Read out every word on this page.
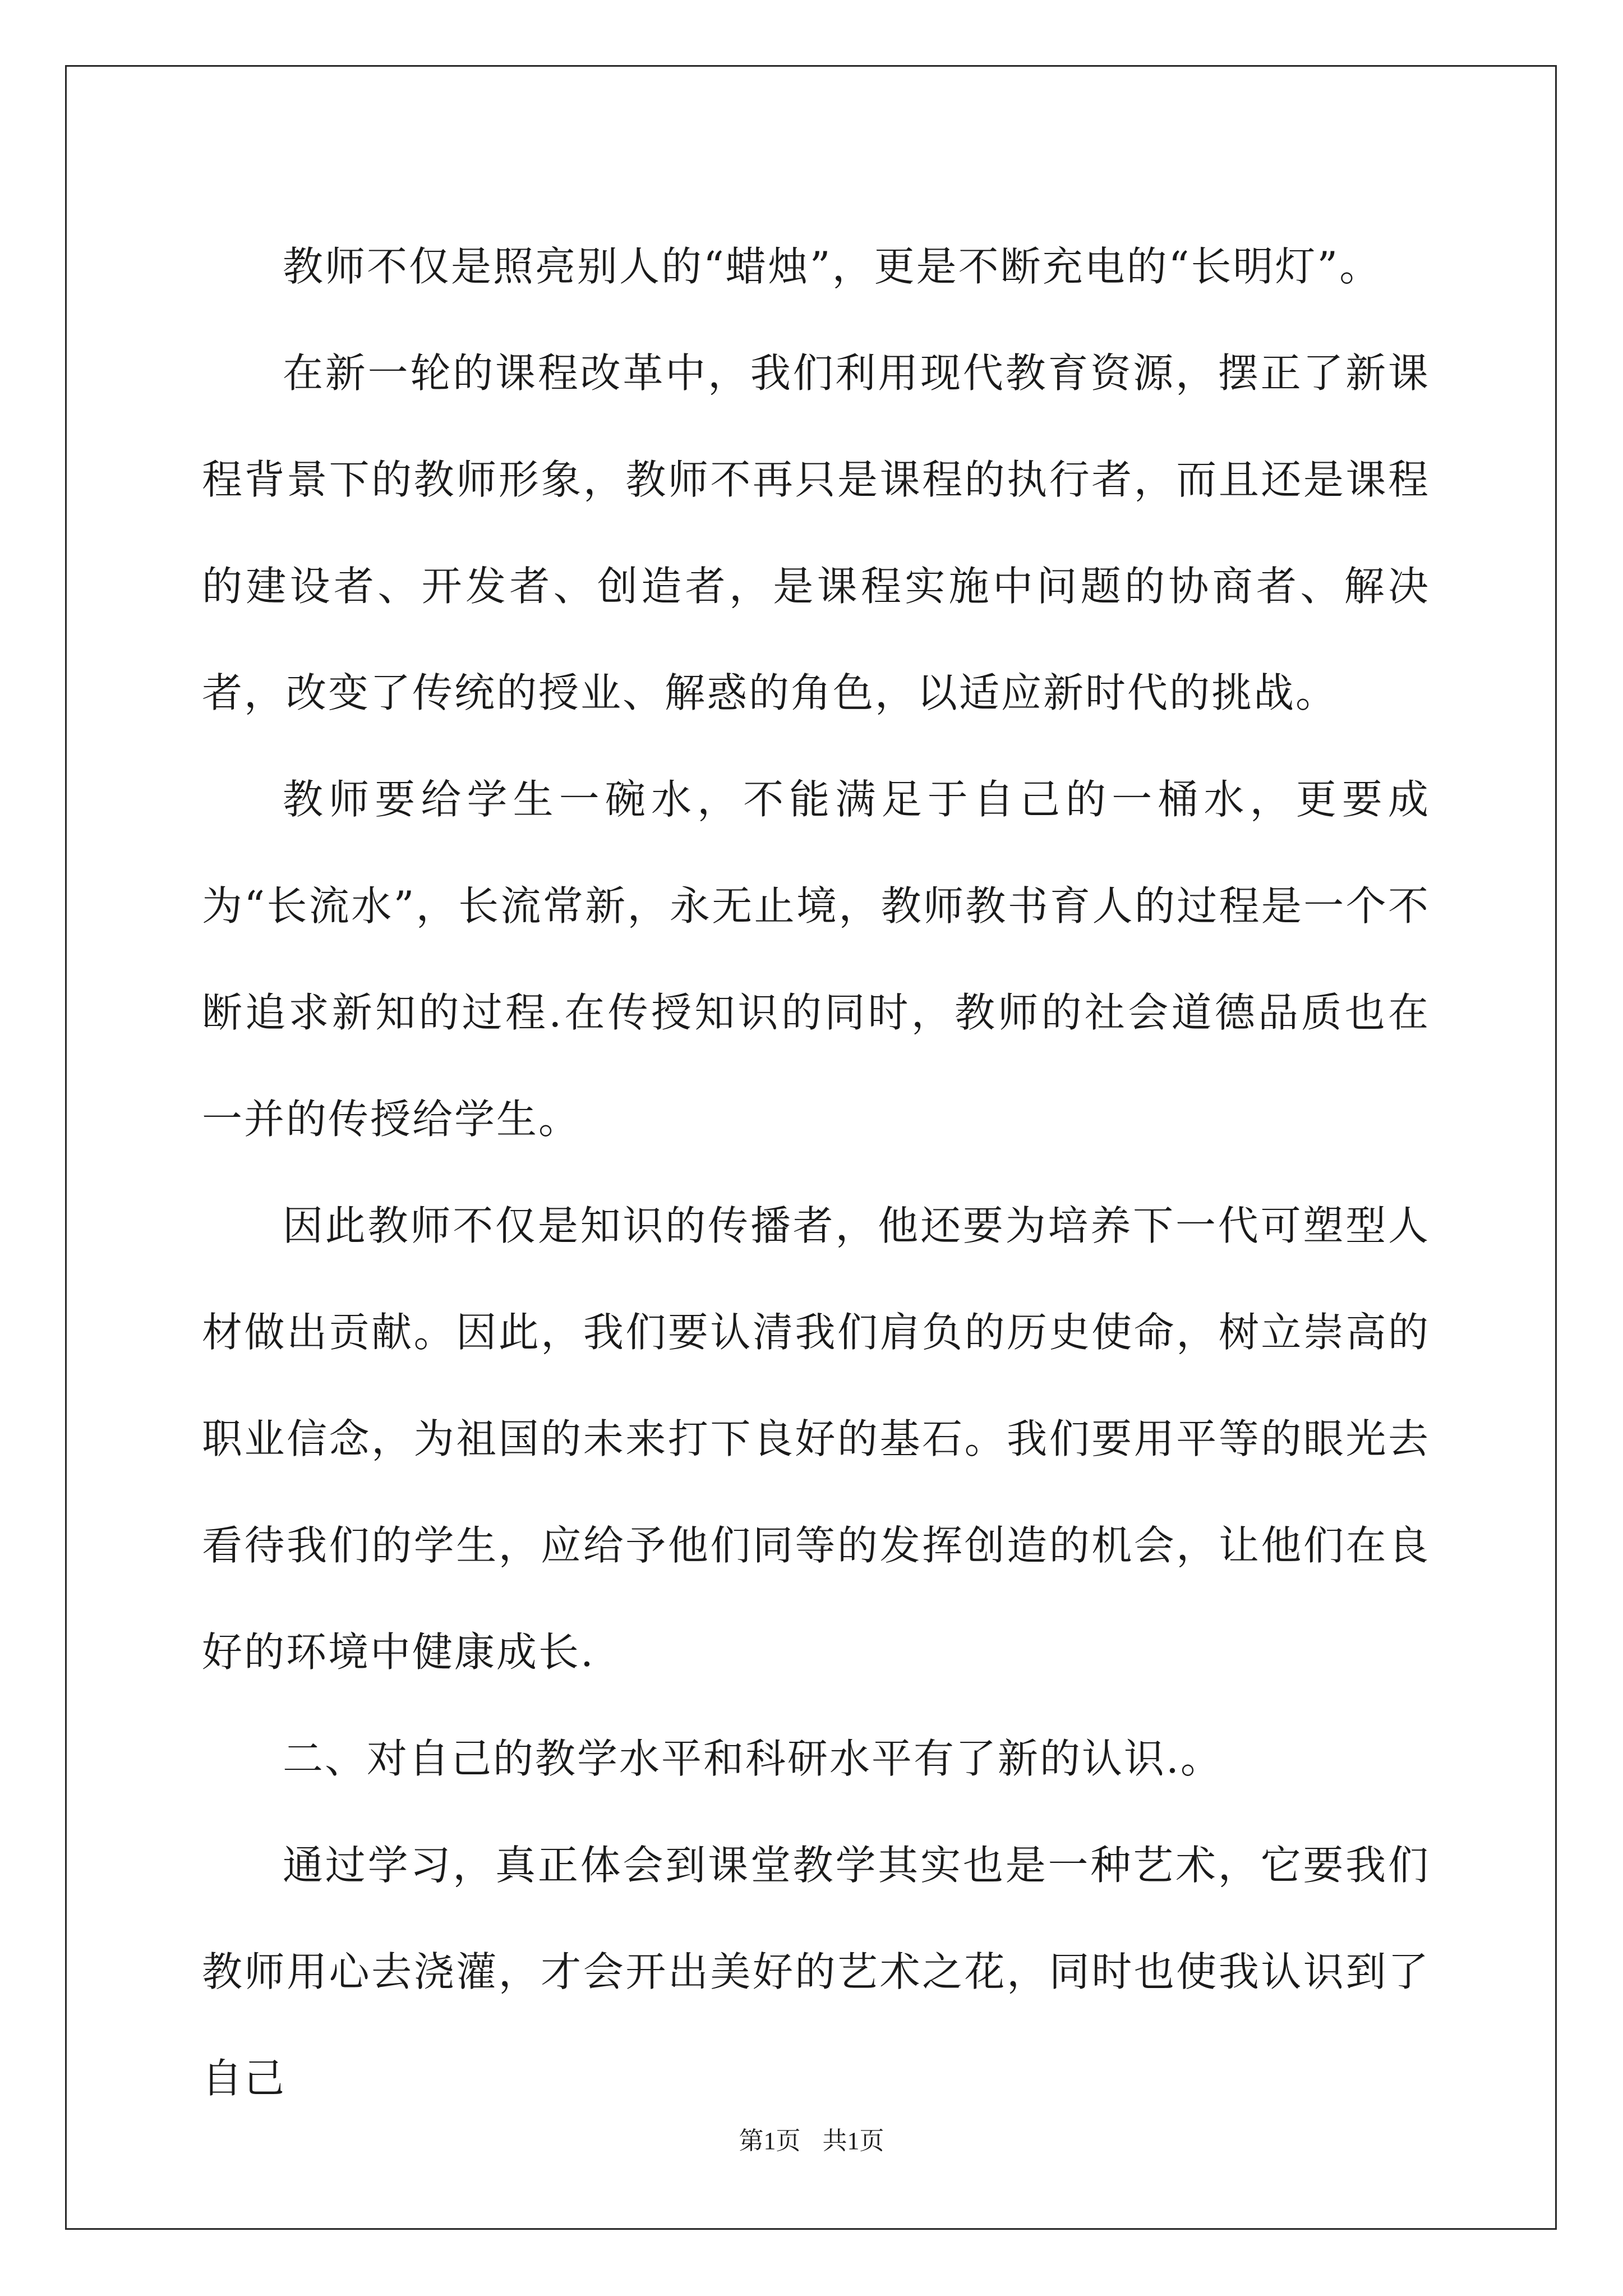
教师不仅是照亮别人的“蜡烛”，更是不断充电的“长明灯”。

在新一轮的课程改革中，我们利用现代教育资源，摆正了新课程背景下的教师形象，教师不再只是课程的执行者，而且还是课程的建设者、开发者、创造者，是课程实施中问题的协商者、解决者，改变了传统的授业、解惑的角色，以适应新时代的挑战。

教师要给学生一碗水，不能满足于自己的一桶水，更要成为“长流水”，长流常新，永无止境，教师教书育人的过程是一个不断追求新知的过程.在传授知识的同时，教师的社会道德品质也在一并的传授给学生。

因此教师不仅是知识的传播者，他还要为培养下一代可塑型人材做出贡献。因此，我们要认清我们肩负的历史使命，树立崇高的职业信念，为祖国的未来打下良好的基石。我们要用平等的眼光去看待我们的学生，应给予他们同等的发挥创造的机会，让他们在良好的环境中健康成长.

二、对自己的教学水平和科研水平有了新的认识.。

通过学习，真正体会到课堂教学其实也是一种艺术，它要我们教师用心去浇灌，才会开出美好的艺术之花，同时也使我认识到了自己

第1页 共1页
